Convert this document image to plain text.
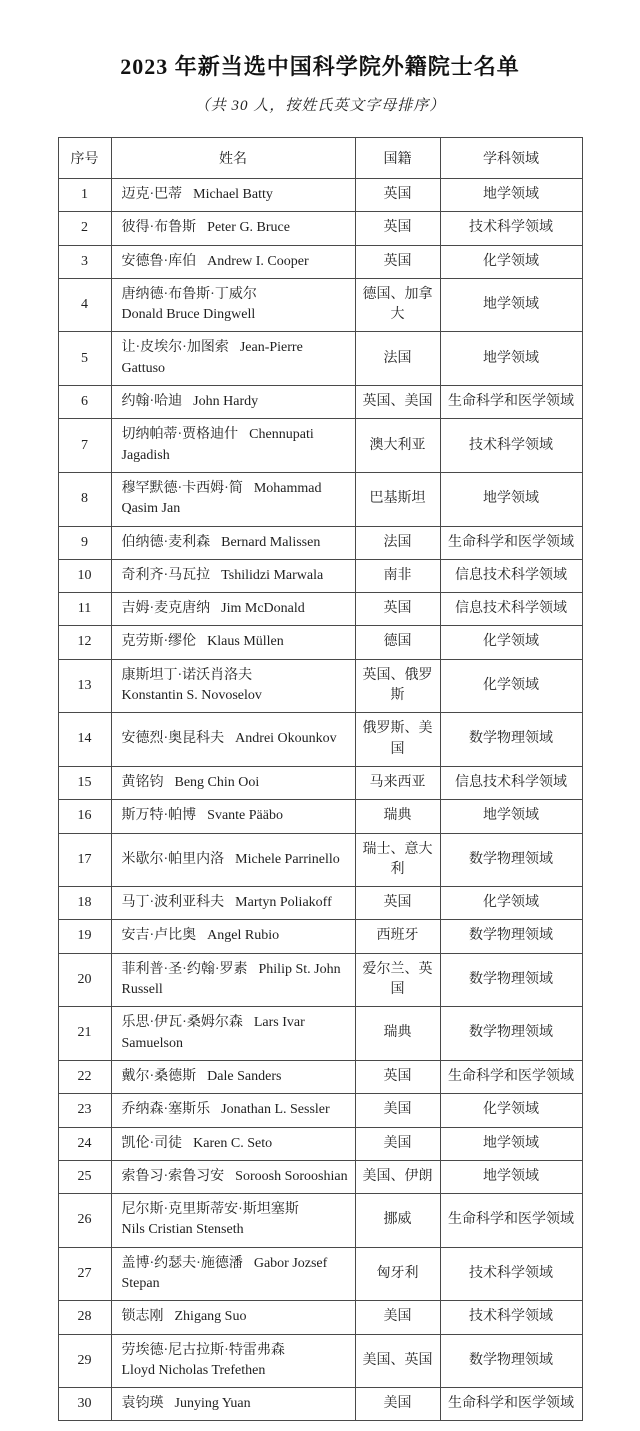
2023 年新当选中国科学院外籍院士名单
（共 30 人，按姓氏英文字母排序）
序号	姓名	国籍	学科领域
1	迈克·巴蒂 Michael Batty	英国	地学领域
2	彼得·布鲁斯 Peter G. Bruce	英国	技术科学领域
3	安德鲁·库伯 Andrew I. Cooper	英国	化学领域
4	唐纳德·布鲁斯·丁威尔
Donald Bruce Dingwell	德国、加拿大	地学领域
5	让·皮埃尔·加图索 Jean-Pierre Gattuso	法国	地学领域
6	约翰·哈迪 John Hardy	英国、美国	生命科学和医学领域
7	切纳帕蒂·贾格迪什 Chennupati Jagadish	澳大利亚	技术科学领域
8	穆罕默德·卡西姆·简 Mohammad Qasim Jan	巴基斯坦	地学领域
9	伯纳德·麦利森 Bernard Malissen	法国	生命科学和医学领域
10	奇利齐·马瓦拉 Tshilidzi Marwala	南非	信息技术科学领域
11	吉姆·麦克唐纳 Jim McDonald	英国	信息技术科学领域
12	克劳斯·缪伦 Klaus Müllen	德国	化学领域
13	康斯坦丁·诺沃肖洛夫
Konstantin S. Novoselov	英国、俄罗斯	化学领域
14	安德烈·奥昆科夫 Andrei Okounkov	俄罗斯、美国	数学物理领域
15	黄铭钧 Beng Chin Ooi	马来西亚	信息技术科学领域
16	斯万特·帕博 Svante Pääbo	瑞典	地学领域
17	米歇尔·帕里内洛 Michele Parrinello	瑞士、意大利	数学物理领域
18	马丁·波利亚科夫 Martyn Poliakoff	英国	化学领域
19	安吉·卢比奥 Angel Rubio	西班牙	数学物理领域
20	菲利普·圣·约翰·罗素 Philip St. John Russell	爱尔兰、英国	数学物理领域
21	乐思·伊瓦·桑姆尔森 Lars Ivar Samuelson	瑞典	数学物理领域
22	戴尔·桑德斯 Dale Sanders	英国	生命科学和医学领域
23	乔纳森·塞斯乐 Jonathan L. Sessler	美国	化学领域
24	凯伦·司徒 Karen C. Seto	美国	地学领域
25	索鲁习·索鲁习安 Soroosh Sorooshian	美国、伊朗	地学领域
26	尼尔斯·克里斯蒂安·斯坦塞斯
Nils Cristian Stenseth	挪威	生命科学和医学领域
27	盖博·约瑟夫·施德潘 Gabor Jozsef Stepan	匈牙利	技术科学领域
28	锁志刚 Zhigang Suo	美国	技术科学领域
29	劳埃德·尼古拉斯·特雷弗森
Lloyd Nicholas Trefethen	美国、英国	数学物理领域
30	袁钧瑛 Junying Yuan	美国	生命科学和医学领域
